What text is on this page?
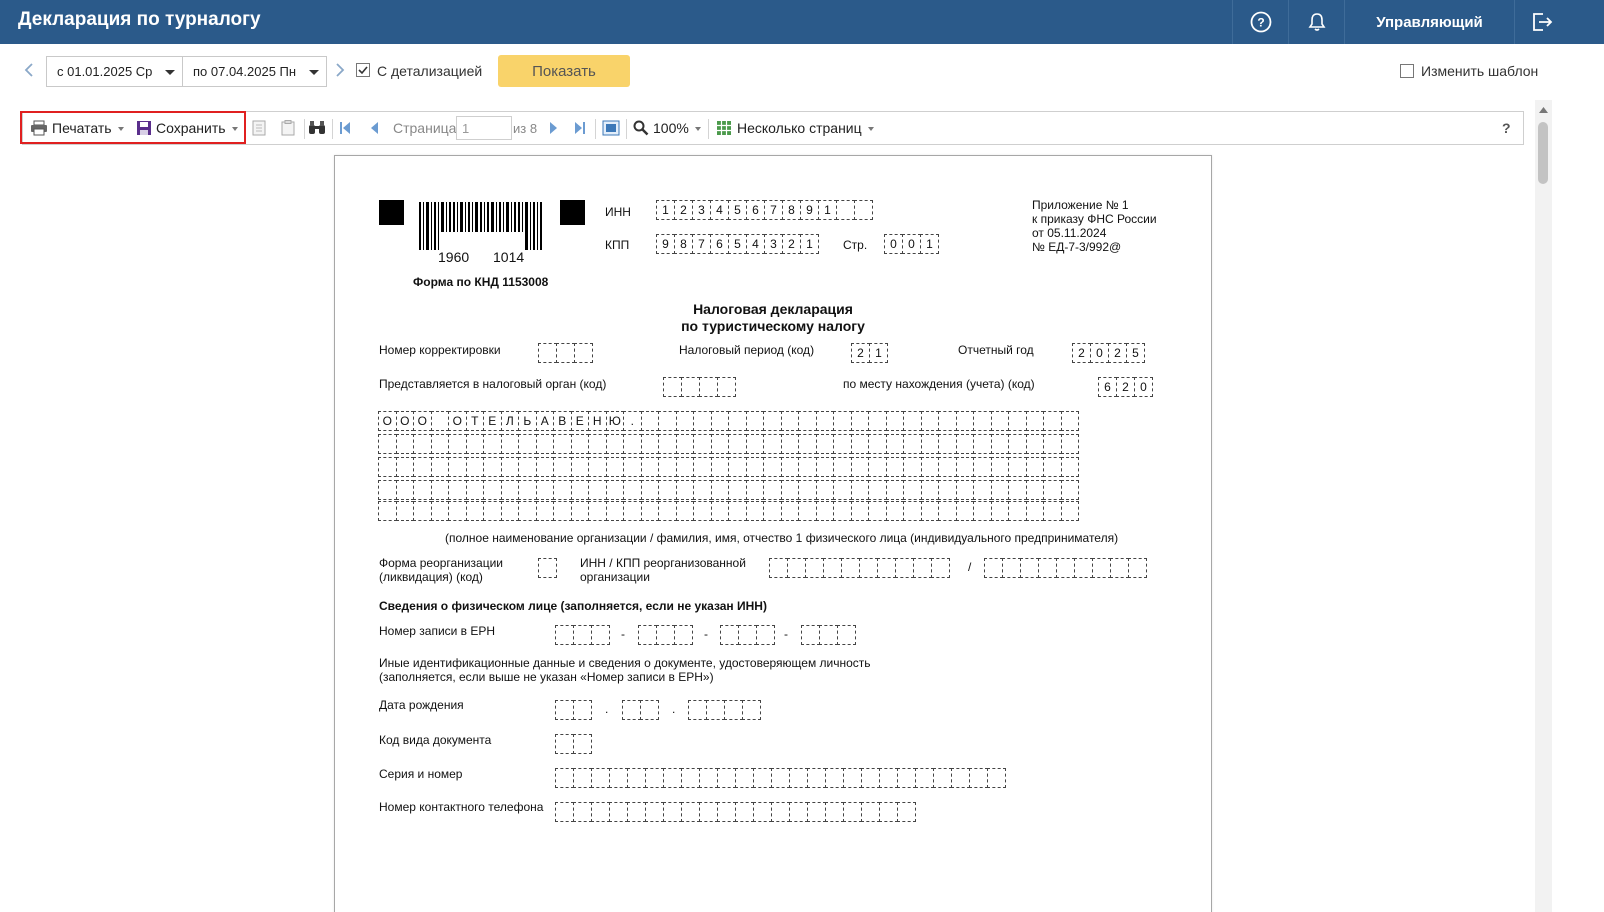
Декларация по турналогу	?	Управляющий
с 01.01.2025 Ср	по 07.04.2025 Пн	С детализацией	Показать	Изменить шаблон
Печатать	Сохранить	Страница 1	из 8	100%	Несколько страниц	?
1960 1014
Форма по КНД 1153008
ИНН	1 2 3 4 5 6 7 8 9 1
КПП	9 8 7 6 5 4 3 2 1	Стр.	0 0 1
Приложение № 1
к приказу ФНС России
от 05.11.2024
№ ЕД-7-3/992@
Налоговая декларация
по туристическому налогу
Номер корректировки	Налоговый период (код)	2 1	Отчетный год	2 0 2 5
Представляется в налоговый орган (код)	по месту нахождения (учета) (код)	6 2 0
О О О	О Т Е Л Ь А В Е Н Ю .
(полное наименование организации / фамилия, имя, отчество 1 физического лица (индивидуального предпринимателя)
Форма реорганизации
(ликвидация) (код)
ИНН / КПП реорганизованной
организации
/
Сведения о физическом лице (заполняется, если не указан ИНН)
Номер записи в ЕРН	-	-	-
Иные идентификационные данные и сведения о документе, удостоверяющем личность
(заполняется, если выше не указан «Номер записи в ЕРН»)
Дата рождения	.	.
Код вида документа
Серия и номер
Номер контактного телефона
